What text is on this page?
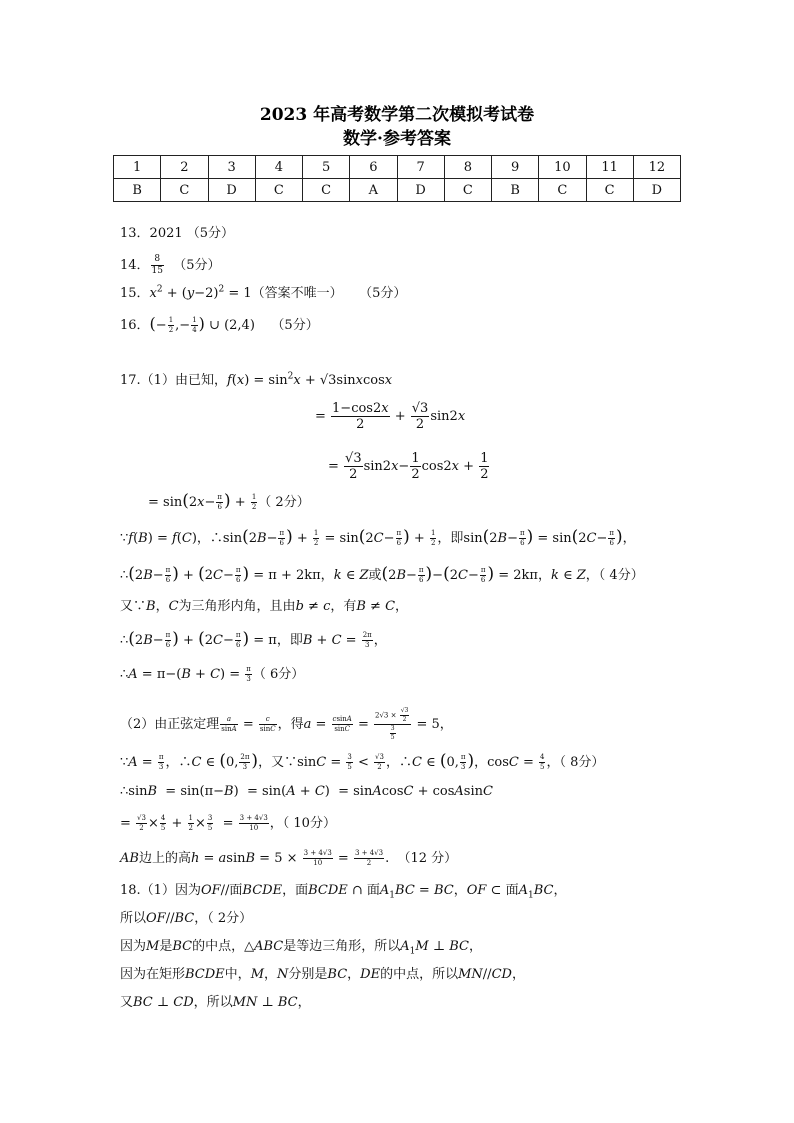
2023 年高考数学第二次模拟考试卷
数学·参考答案
1	2	3	4	5	6	7	8	9	10	11	12
B	C	D	C	C	A	D	C	B	C	C	D
13．2021 （5分）
14． $\frac{8}{15} (5$分）
15．$x^2 + (y-2)^2 = 1$（答案不唯一）    （5分）
16．(− $\frac{1}{2}$ ,− $\frac{1}{4}$ ) ∪ (2,4)    （5分）
17.（1）由已知，$f(x) = \sin^2x$ + √3sinxcosx
= $\frac{1-\cos 2x}{2} + \frac{√3}{2} \sin 2x$
= $\frac{√3}{2} \sin 2x- \frac{1}{2} \cos 2x + \frac{1}{2}$
= $\sin(2x- \frac{\pi}{6}$ ) + $\frac{1}{2}$ （ 2分）
∵f(B) = f(C)，∴sin(2B− $\frac{\pi}{6}$ ) + $\frac{1}{2} = \sin(2C- \frac{\pi}{6}$ ) + $\frac{1}{2}$ ，即$\sin(2B- \frac{\pi}{6}$ ) = $\sin(2C- \frac{\pi}{6}$ )，
∴(2B− $\frac{\pi}{6}$ ) + ($2C- \frac{\pi}{6}$ ) = π + 2kπ，k ∈ Z或$(2B- \frac{\pi}{6} )-(2C- \frac{\pi}{6}$ ) = 2kπ，k ∈ Z，（ 4分）
又∵B，C为三角形内角，且由b ≠ c，有B ≠ C，
∴(2B− $\frac{\pi}{6}$ ) + ($2C- \frac{\pi}{6}$ ) = π，即$B + C = \frac{2\pi}{3}$ ，
∴A = $\pi-(B + C) = \frac{\pi}{3}$ （ 6分）
（2）由正弦定理 $\frac{a}{\sin A} = \frac{c}{\sin C}$ ，得$a = \frac{csinA}{\sin C} = \frac{2√3 \times \frac{√3}{2}}{\frac{3}{5}} = 5$，
∵A = $\frac{\pi}{3}$ ，∴C ∈ (0, $\frac{2\pi}{3}$ )，又∵sinC = $\frac{3}{5} < \frac{√3}{2}$ ，∴C ∈ (0, $\frac{\pi}{3}$ )，$\cos C = \frac{4}{5}$ ，（ 8分）
∴sinB  = sin(π−B)  = sin(A + C)  = sinAcosC + cosAsinC
= $\frac{√3}{2} \times \frac{4}{5} + \frac{1}{2} \times \frac{3}{5} = \frac{3 + 4√3}{10}$ ，（ 10分）
AB边上的高$h = asinB = 5 \times \frac{3 + 4√3}{10} = \frac{3 + 4√3}{2}$ .  （12 分）
18.（1）因为OF//面BCDE，面BCDE ∩ 面$A_1BC$ = BC，OF ⊂ 面$A_1BC$，
所以OF//BC，（ 2分）
因为M是BC的中点，△ABC是等边三角形，所以$A_1M$ ⊥ BC，
因为在矩形BCDE中，M，N分别是BC，DE的中点，所以MN//CD，
又BC ⊥ CD，所以MN ⊥ BC，
